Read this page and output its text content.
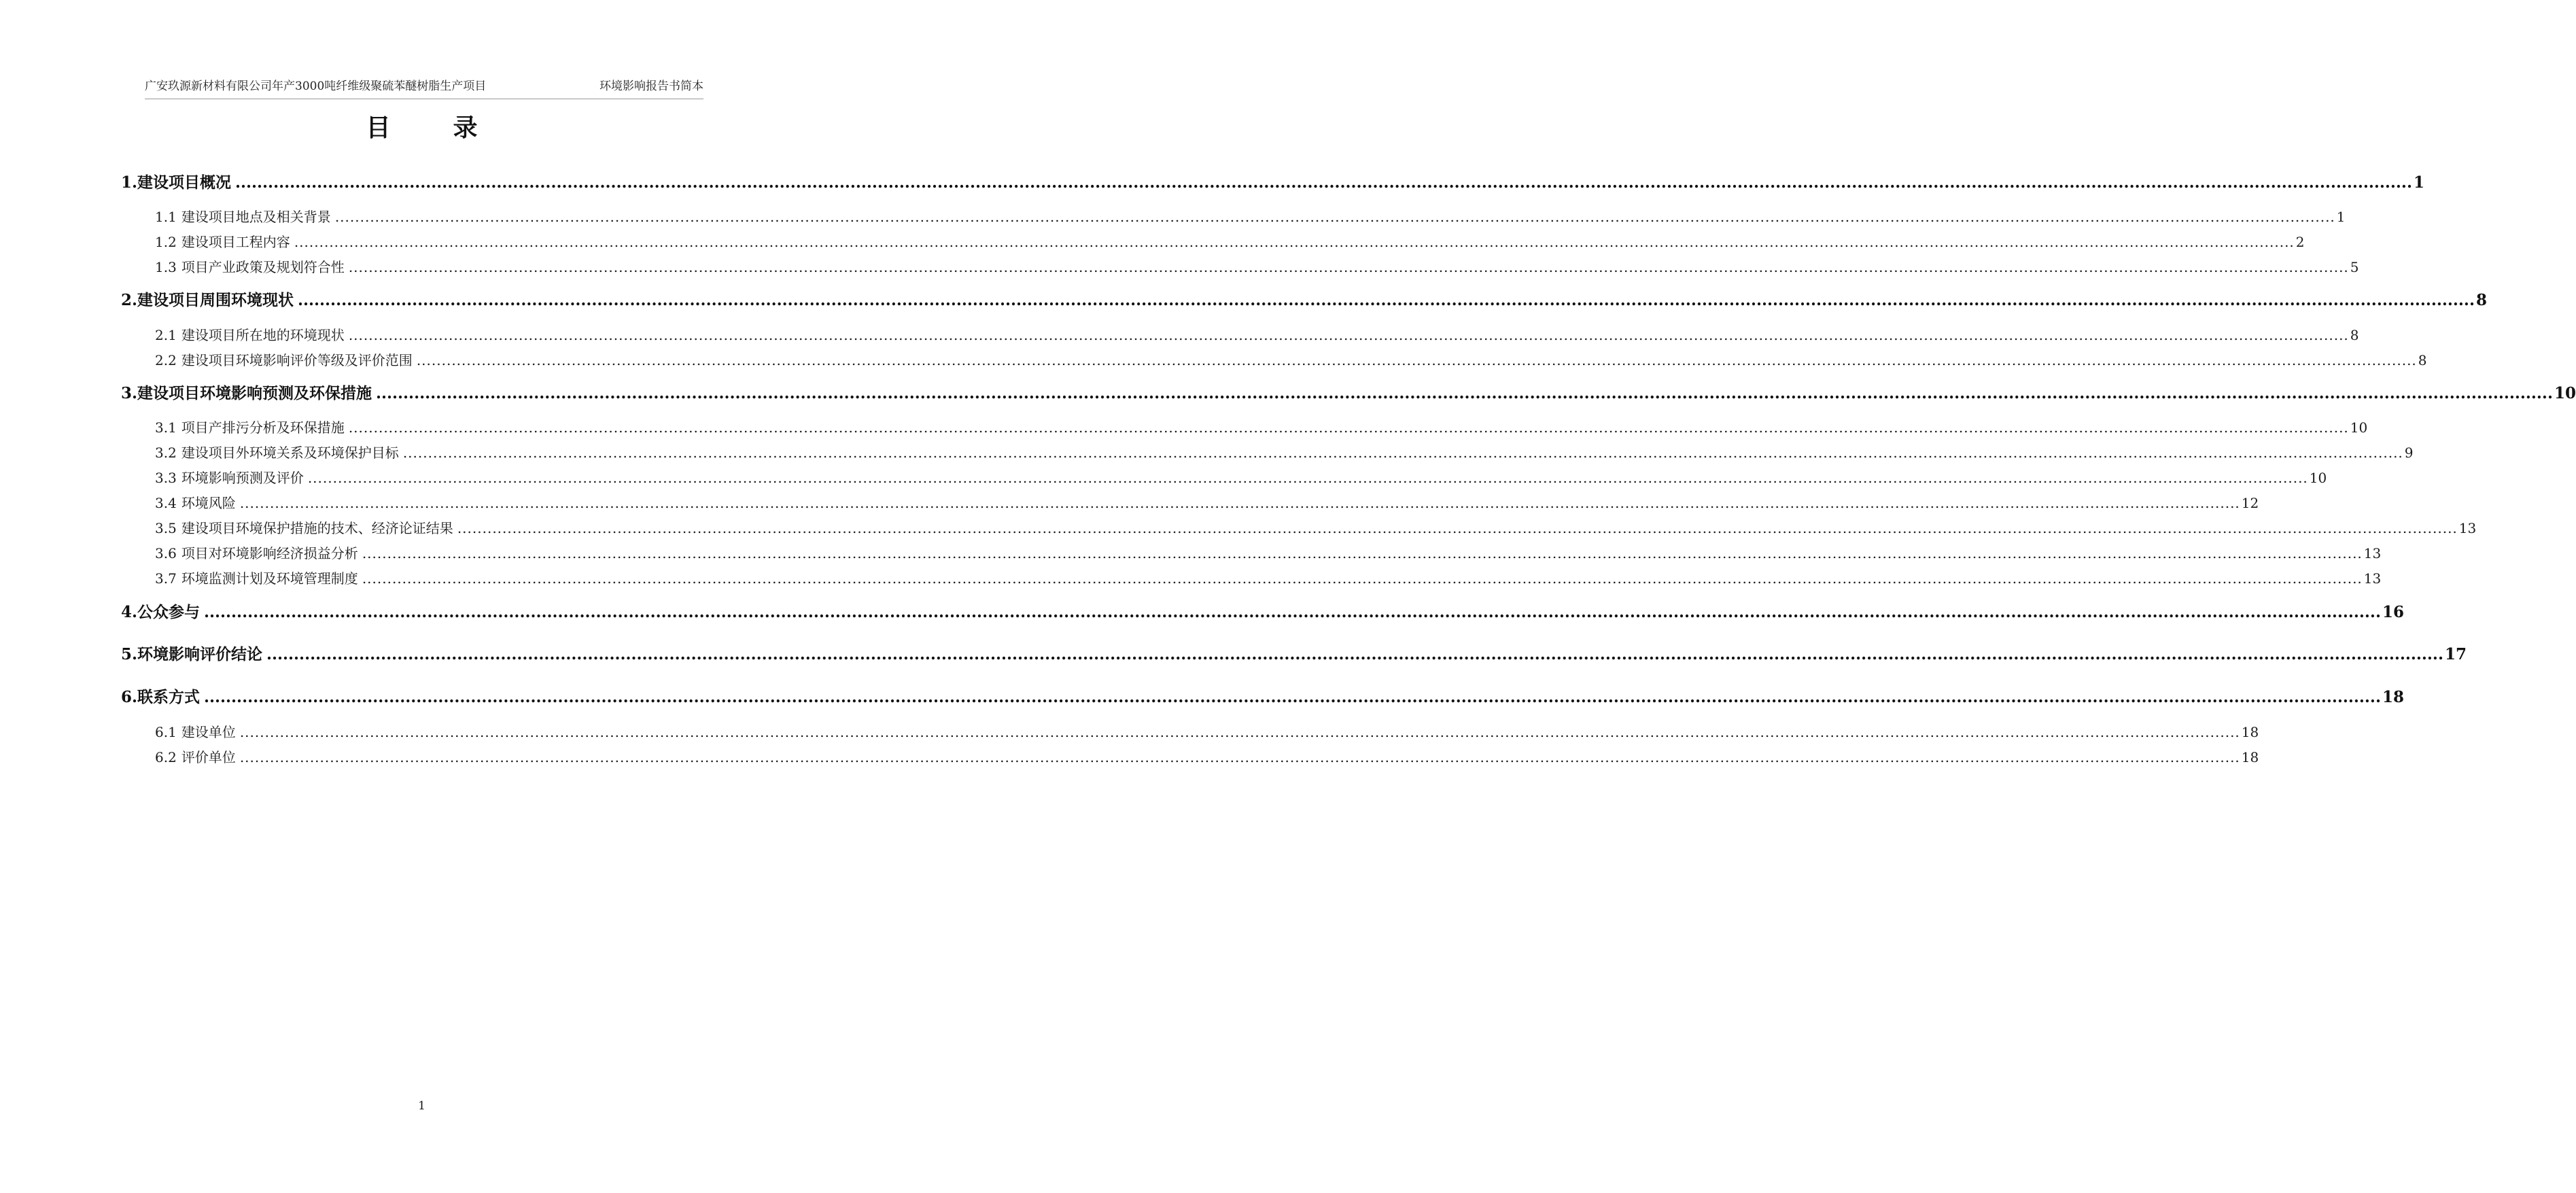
广安玖源新材料有限公司年产3000吨纤维级聚硫苯醚树脂生产项目	环境影响报告书简本
目录
1. 建设项目概况 ................................................................................................................................................................................................................................................................................................................................................................................................................ 1
1.1 建设项目地点及相关背景 ................................................................................................................................................................................................................................................................................................................................................................................................................ 1
1.2 建设项目工程内容 ................................................................................................................................................................................................................................................................................................................................................................................................................ 2
1.3 项目产业政策及规划符合性 ................................................................................................................................................................................................................................................................................................................................................................................................................ 5
2. 建设项目周围环境现状 ................................................................................................................................................................................................................................................................................................................................................................................................................ 8
2.1 建设项目所在地的环境现状 ................................................................................................................................................................................................................................................................................................................................................................................................................ 8
2.2 建设项目环境影响评价等级及评价范围 ................................................................................................................................................................................................................................................................................................................................................................................................................ 8
3. 建设项目环境影响预测及环保措施 ................................................................................................................................................................................................................................................................................................................................................................................................................ 10
3.1 项目产排污分析及环保措施 ................................................................................................................................................................................................................................................................................................................................................................................................................ 10
3.2 建设项目外环境关系及环境保护目标 ................................................................................................................................................................................................................................................................................................................................................................................................................ 9
3.3 环境影响预测及评价 ................................................................................................................................................................................................................................................................................................................................................................................................................ 10
3.4 环境风险 ................................................................................................................................................................................................................................................................................................................................................................................................................ 12
3.5 建设项目环境保护措施的技术、经济论证结果 ................................................................................................................................................................................................................................................................................................................................................................................................................ 13
3.6 项目对环境影响经济损益分析 ................................................................................................................................................................................................................................................................................................................................................................................................................ 13
3.7 环境监测计划及环境管理制度 ................................................................................................................................................................................................................................................................................................................................................................................................................ 13
4. 公众参与 ................................................................................................................................................................................................................................................................................................................................................................................................................ 16
5. 环境影响评价结论 ................................................................................................................................................................................................................................................................................................................................................................................................................ 17
6. 联系方式 ................................................................................................................................................................................................................................................................................................................................................................................................................ 18
6.1 建设单位 ................................................................................................................................................................................................................................................................................................................................................................................................................ 18
6.2 评价单位 ................................................................................................................................................................................................................................................................................................................................................................................................................ 18
1
